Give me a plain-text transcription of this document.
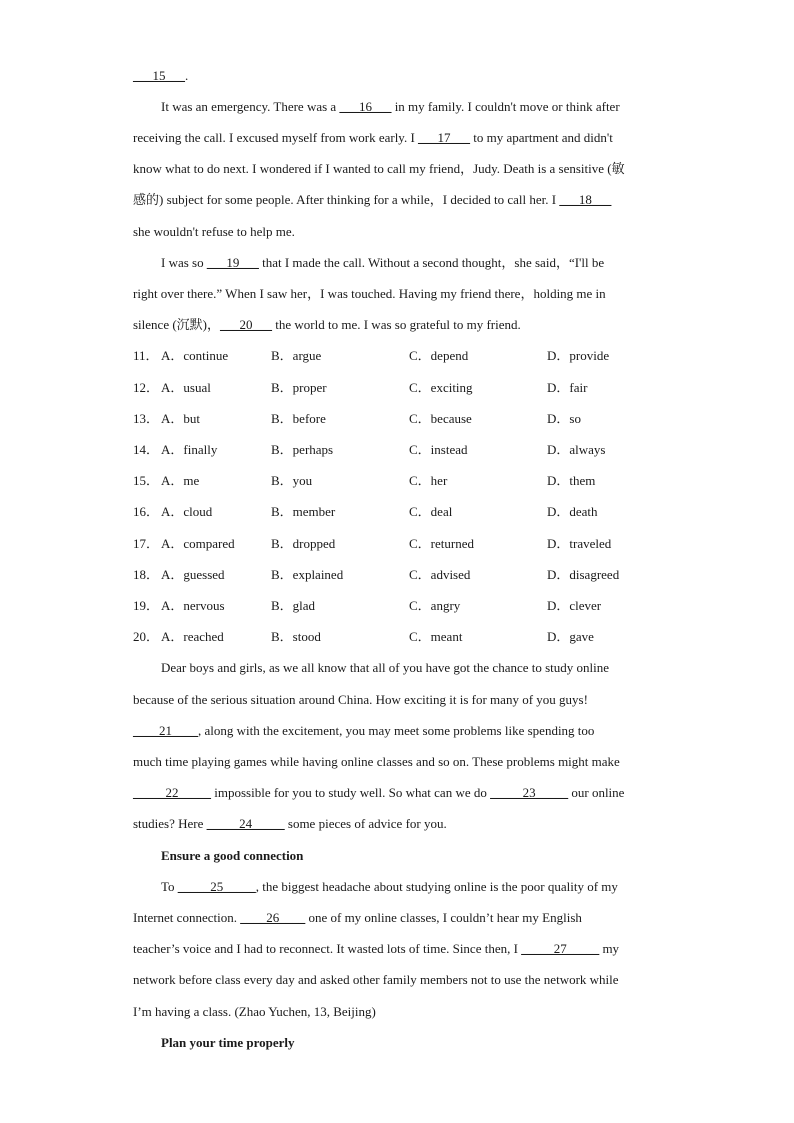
___15___.
It was an emergency. There was a ___16___ in my family. I couldn't move or think after
receiving the call. I excused myself from work early. I ___17___ to my apartment and didn't
know what to do next. I wondered if I wanted to call my friend，Judy. Death is a sensitive (敏
感的) subject for some people. After thinking for a while，I decided to call her. I ___18___
she wouldn't refuse to help me.
I was so ___19___ that I made the call. Without a second thought，she said，“I'll be
right over there.” When I saw her，I was touched. Having my friend there，holding me in
silence (沉默)，___20___ the world to me. I was so grateful to my friend.
11． A．continue	B．argue	C．depend	D．provide
12． A．usual	B．proper	C．exciting	D．fair
13． A．but	B．before	C．because	D．so
14． A．finally	B．perhaps	C．instead	D．always
15． A．me	B．you	C．her	D．them
16． A．cloud	B．member	C．deal	D．death
17． A．compared	B．dropped	C．returned	D．traveled
18． A．guessed	B．explained	C．advised	D．disagreed
19． A．nervous	B．glad	C．angry	D．clever
20． A．reached	B．stood	C．meant	D．gave
Dear boys and girls, as we all know that all of you have got the chance to study online
because of the serious situation around China. How exciting it is for many of you guys!
____21____, along with the excitement, you may meet some problems like spending too
much time playing games while having online classes and so on. These problems might make
_____22_____ impossible for you to study well. So what can we do _____23_____ our online
studies? Here _____24_____ some pieces of advice for you.
Ensure a good connection
To _____25_____, the biggest headache about studying online is the poor quality of my
Internet connection. ____26____ one of my online classes, I couldn’t hear my English
teacher’s voice and I had to reconnect. It wasted lots of time. Since then, I _____27_____ my
network before class every day and asked other family members not to use the network while
I’m having a class. (Zhao Yuchen, 13, Beijing)
Plan your time properly
